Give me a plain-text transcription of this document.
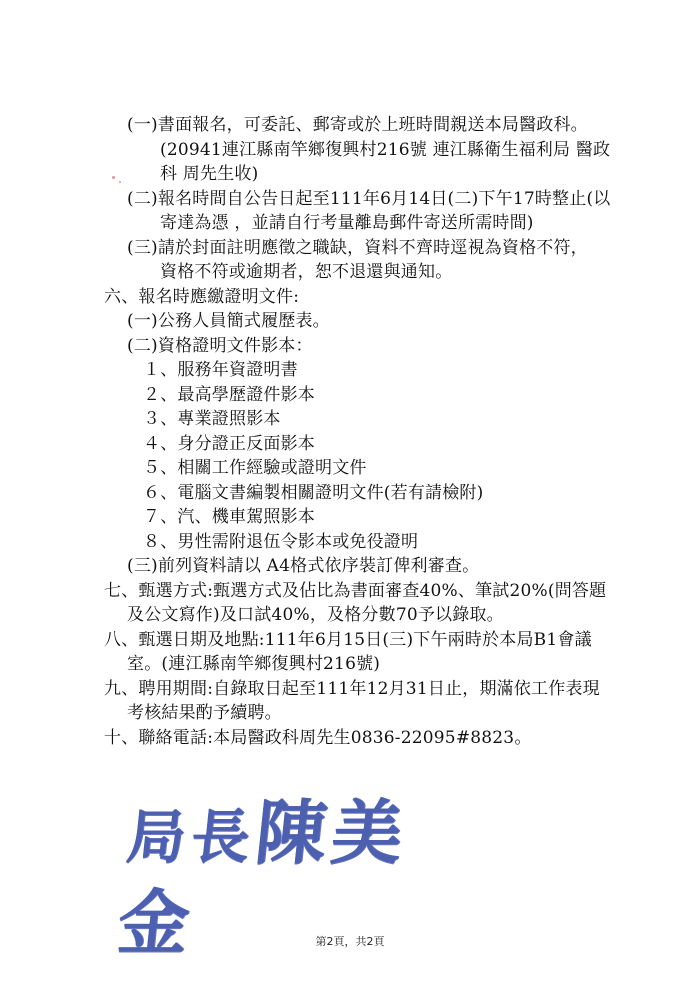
(一)書面報名，可委託、郵寄或於上班時間親送本局醫政科。
(20941連江縣南竿鄉復興村216號 連江縣衛生福利局 醫政
科 周先生收)
(二)報名時間自公告日起至111年6月14日(二)下午17時整止(以
寄達為憑 ，並請自行考量離島郵件寄送所需時間)
(三)請於封面註明應徵之職缺，資料不齊時逕視為資格不符，
資格不符或逾期者，恕不退還與通知。
六、報名時應繳證明文件:
(一)公務人員簡式履歷表。
(二)資格證明文件影本：
１、服務年資證明書
２、最高學歷證件影本
３、專業證照影本
４、身分證正反面影本
５、相關工作經驗或證明文件
６、電腦文書編製相關證明文件(若有請檢附)
７、汽、機車駕照影本
８、男性需附退伍令影本或免役證明
(三)前列資料請以 A4格式依序裝訂俾利審查。
七、甄選方式:甄選方式及佔比為書面審查40%、筆試20%(問答題
及公文寫作)及口試40%，及格分數70予以錄取。
八、甄選日期及地點:111年6月15日(三)下午兩時於本局B1會議
室。(連江縣南竿鄉復興村216號)
九、聘用期間:自錄取日起至111年12月31日止，期滿依工作表現
考核結果酌予續聘。
十、聯絡電話:本局醫政科周先生0836-22095#8823。
局長陳美金	第2頁，共2頁
